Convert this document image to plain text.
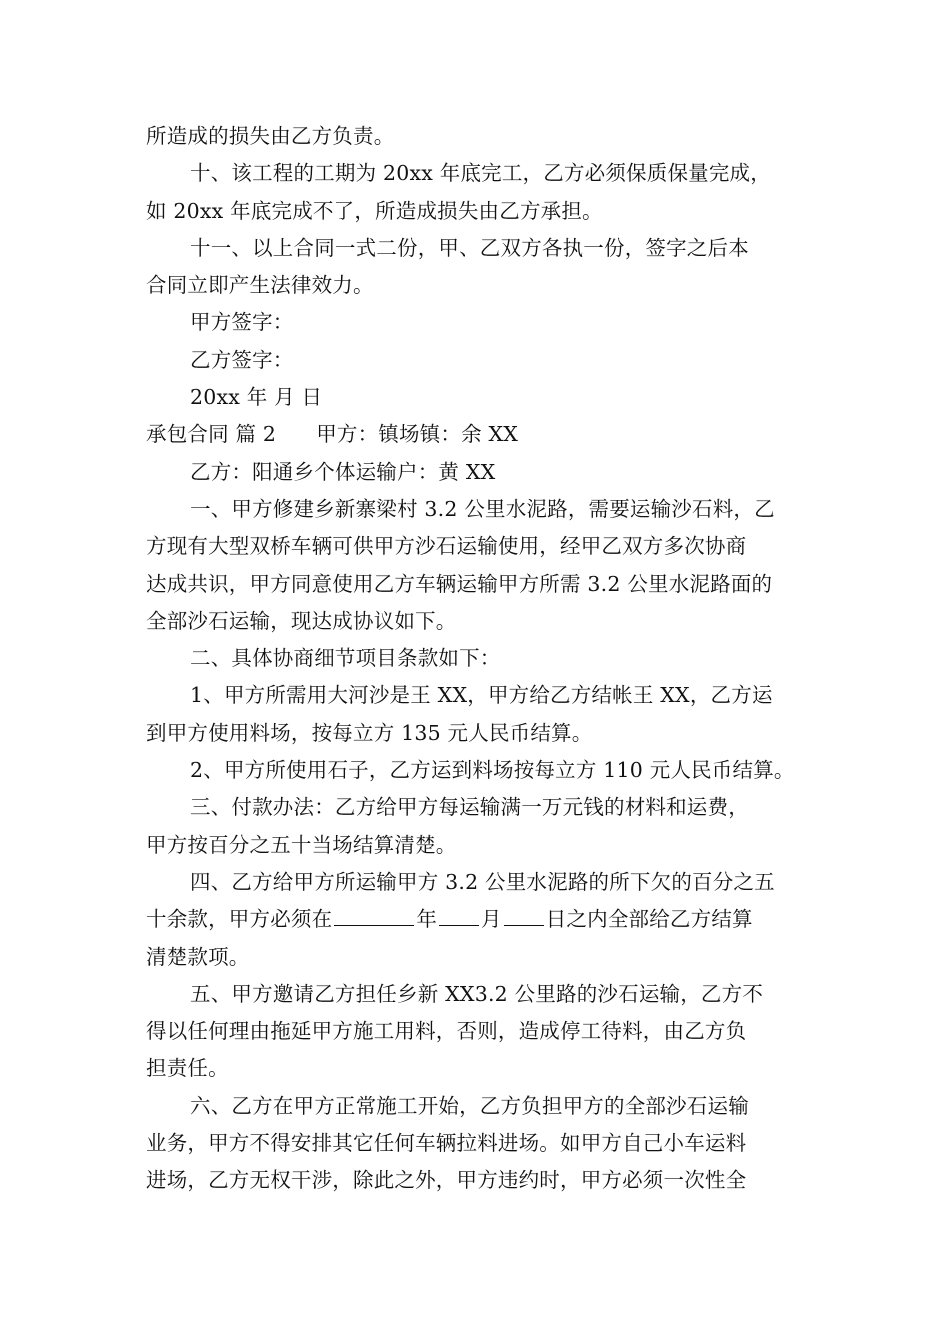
所造成的损失由乙方负责。
十、该工程的工期为 20xx 年底完工，乙方必须保质保量完成，
如 20xx 年底完成不了，所造成损失由乙方承担。
十一、以上合同一式二份，甲、乙双方各执一份，签字之后本
合同立即产生法律效力。
甲方签字：
乙方签字：
20xx 年 月 日
承包合同 篇 2 甲方：镇场镇：余 XX
乙方：阳通乡个体运输户：黄 XX
一、甲方修建乡新寨梁村 3.2 公里水泥路，需要运输沙石料，乙
方现有大型双桥车辆可供甲方沙石运输使用，经甲乙双方多次协商
达成共识，甲方同意使用乙方车辆运输甲方所需 3.2 公里水泥路面的
全部沙石运输，现达成协议如下。
二、具体协商细节项目条款如下：
1、甲方所需用大河沙是王 XX，甲方给乙方结帐王 XX，乙方运
到甲方使用料场，按每立方 135 元人民币结算。
2、甲方所使用石子，乙方运到料场按每立方 110 元人民币结算。
三、付款办法：乙方给甲方每运输满一万元钱的材料和运费，
甲方按百分之五十当场结算清楚。
四、乙方给甲方所运输甲方 3.2 公里水泥路的所下欠的百分之五
十余款，甲方必须在	年 月 日之内全部给乙方结算
清楚款项。
五、甲方邀请乙方担任乡新 XX3.2 公里路的沙石运输，乙方不
得以任何理由拖延甲方施工用料，否则，造成停工待料，由乙方负
担责任。
六、乙方在甲方正常施工开始，乙方负担甲方的全部沙石运输
业务，甲方不得安排其它任何车辆拉料进场。如甲方自己小车运料
进场，乙方无权干涉，除此之外，甲方违约时，甲方必须一次性全
